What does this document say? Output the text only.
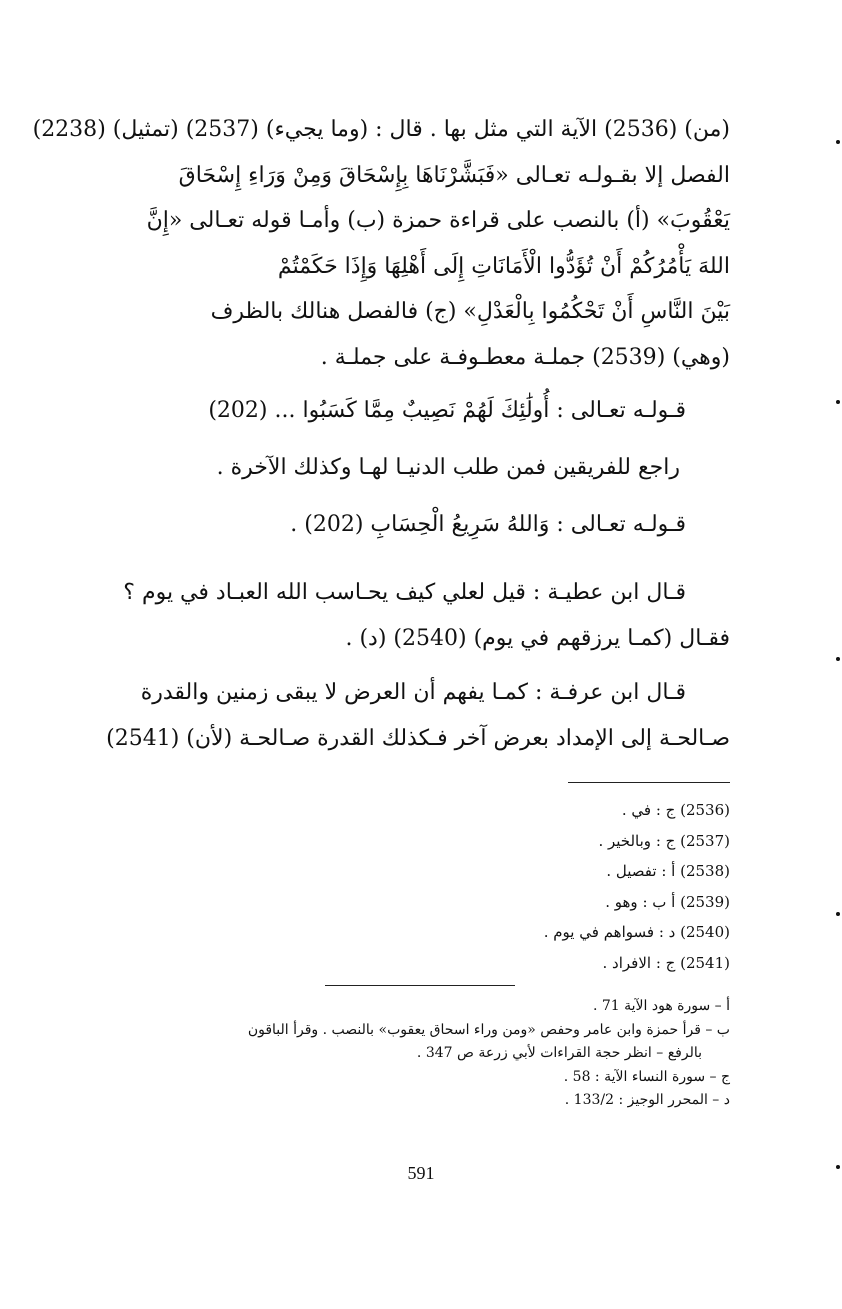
(من) (2536) الآية التي مثل بها . قال : (وما يجيء) (2537) (تمثيل) (2238)
الفصل إلا بقـولـه تعـالى «فَبَشَّرْنَاهَا بِإِسْحَاقَ وَمِنْ وَرَاءِ إِسْحَاقَ
يَعْقُوبَ» (أ) بالنصب على قراءة حمزة (ب) وأمـا قوله تعـالى «إِنَّ
اللهَ يَأْمُرُكُمْ أَنْ تُؤَدُّوا الْأَمَانَاتِ إِلَى أَهْلِهَا وَإِذَا حَكَمْتُمْ
بَيْنَ النَّاسِ أَنْ تَحْكُمُوا بِالْعَدْلِ» (ج) فالفصل هنالك بالظرف
(وهي) (2539) جملـة معطـوفـة على جملـة .
قـولـه تعـالى : أُولَٰئِكَ لَهُمْ نَصِيبٌ مِمَّا كَسَبُوا ... (202)
راجع للفريقين فمن طلب الدنيـا لهـا وكذلك الآخرة .
قـولـه تعـالى : وَاللهُ سَرِيعُ الْحِسَابِ (202) .
قـال ابن عطيـة : قيل لعلي كيف يحـاسب الله العبـاد في يوم ؟
فقـال (كمـا يرزقهم في يوم) (2540) (د) .
قـال ابن عرفـة : كمـا يفهم أن العرض لا يبقى زمنين والقدرة
صـالحـة إلى الإمداد بعرض آخر فـكذلك القدرة صـالحـة (لأن) (2541)
(2536) ج : في .
(2537) ج : وبالخير .
(2538) أ : تفصيل .
(2539) أ ب : وهو .
(2540) د : فسواهم في يوم .
(2541) ج : الافراد .
أ – سورة هود الآية 71 .
ب – قرأ حمزة وابن عامر وحفص «ومن وراء اسحاق يعقوب» بالنصب . وقرأ الباقون
بالرفع – انظر حجة القراءات لأبي زرعة ص 347 .
ج – سورة النساء الآية : 58 .
د – المحرر الوجيز : 133/2 .
591
